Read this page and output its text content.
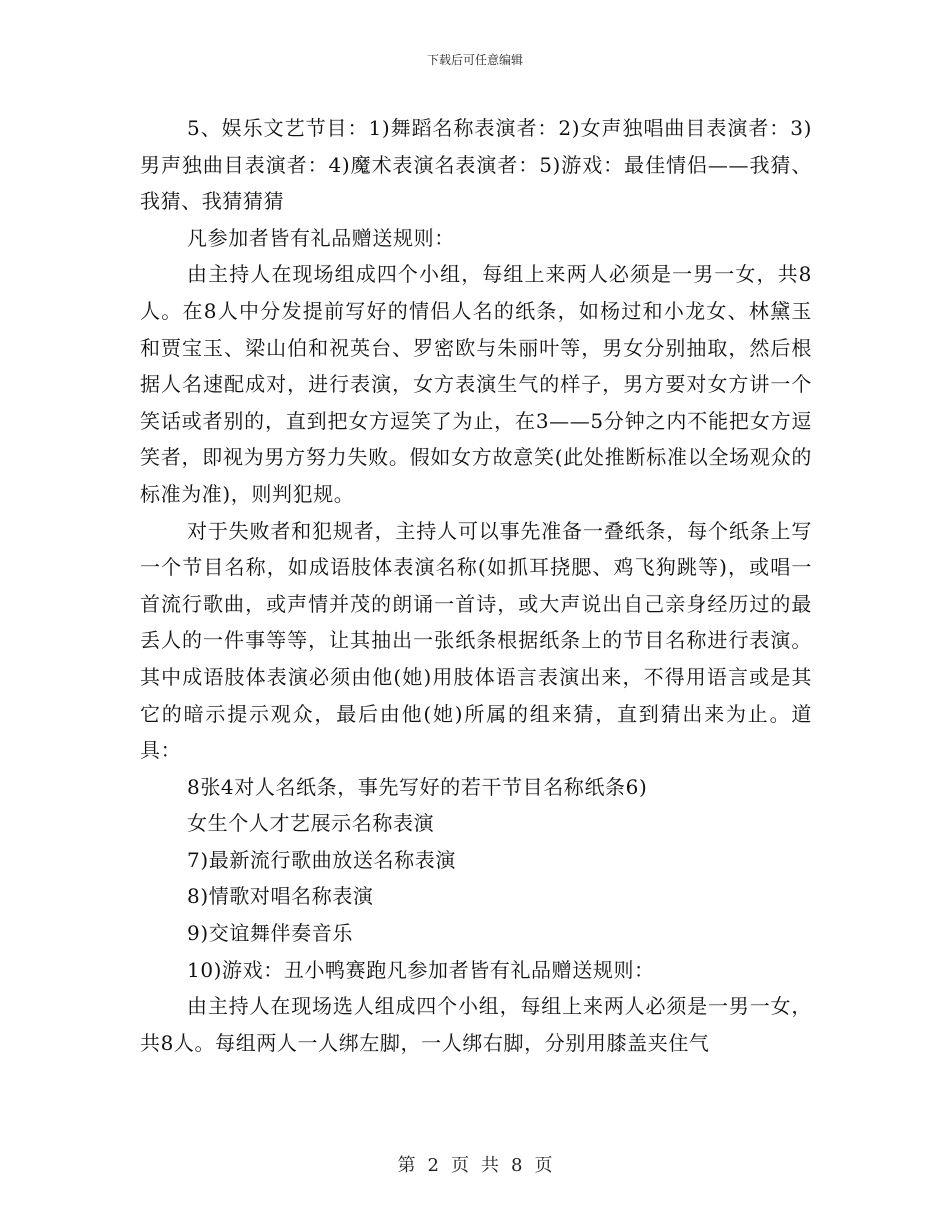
下载后可任意编辑

5、娱乐文艺节目：1)舞蹈名称表演者：2)女声独唱曲目表演者：3)男声独曲目表演者：4)魔术表演名表演者：5)游戏：最佳情侣——我猜、我猜、我猜猜猜

凡参加者皆有礼品赠送规则：

由主持人在现场组成四个小组，每组上来两人必须是一男一女，共8人。在8人中分发提前写好的情侣人名的纸条，如杨过和小龙女、林黛玉和贾宝玉、梁山伯和祝英台、罗密欧与朱丽叶等，男女分别抽取，然后根据人名速配成对，进行表演，女方表演生气的样子，男方要对女方讲一个笑话或者别的，直到把女方逗笑了为止，在3——5分钟之内不能把女方逗笑者，即视为男方努力失败。假如女方故意笑(此处推断标准以全场观众的标准为准)，则判犯规。

对于失败者和犯规者，主持人可以事先准备一叠纸条，每个纸条上写一个节目名称，如成语肢体表演名称(如抓耳挠腮、鸡飞狗跳等)，或唱一首流行歌曲，或声情并茂的朗诵一首诗，或大声说出自己亲身经历过的最丢人的一件事等等，让其抽出一张纸条根据纸条上的节目名称进行表演。其中成语肢体表演必须由他(她)用肢体语言表演出来，不得用语言或是其它的暗示提示观众，最后由他(她)所属的组来猜，直到猜出来为止。道具：

8张4对人名纸条，事先写好的若干节目名称纸条6)

女生个人才艺展示名称表演

7)最新流行歌曲放送名称表演

8)情歌对唱名称表演

9)交谊舞伴奏音乐

10)游戏：丑小鸭赛跑凡参加者皆有礼品赠送规则：

由主持人在现场选人组成四个小组，每组上来两人必须是一男一女，共8人。每组两人一人绑左脚，一人绑右脚，分别用膝盖夹住气

第 2 页 共 8 页
